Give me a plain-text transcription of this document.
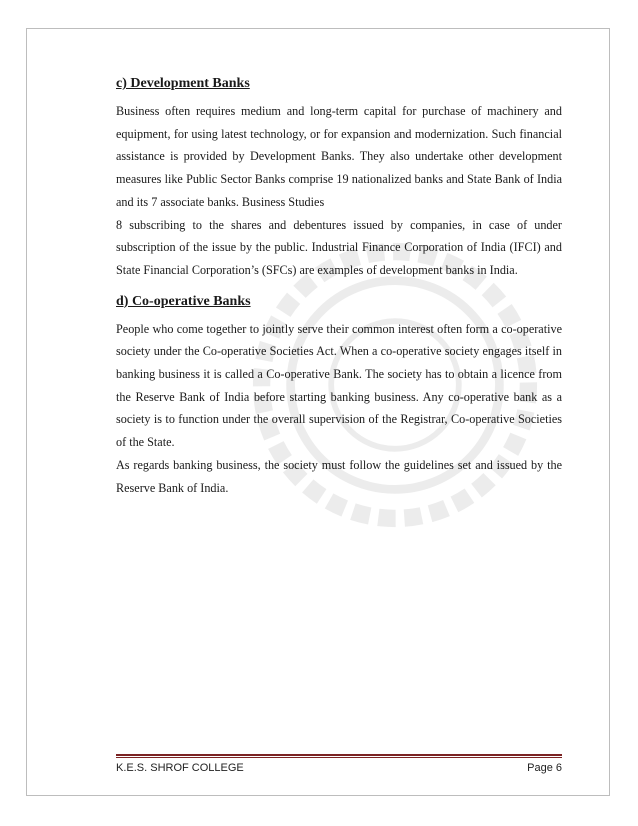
c) Development Banks

Business often requires medium and long-term capital for purchase of machinery and equipment, for using latest technology, or for expansion and modernization. Such financial assistance is provided by Development Banks. They also undertake other development measures like Public Sector Banks comprise 19 nationalized banks and State Bank of India and its 7 associate banks. Business Studies

8 subscribing to the shares and debentures issued by companies, in case of under subscription of the issue by the public. Industrial Finance Corporation of India (IFCI) and State Financial Corporation’s (SFCs) are examples of development banks in India.

d) Co-operative Banks

People who come together to jointly serve their common interest often form a co-operative society under the Co-operative Societies Act. When a co-operative society engages itself in banking business it is called a Co-operative Bank. The society has to obtain a licence from the Reserve Bank of India before starting banking business. Any co-operative bank as a society is to function under the overall supervision of the Registrar, Co-operative Societies of the State.

As regards banking business, the society must follow the guidelines set and issued by the Reserve Bank of India.

K.E.S. SHROF COLLEGE	Page 6
